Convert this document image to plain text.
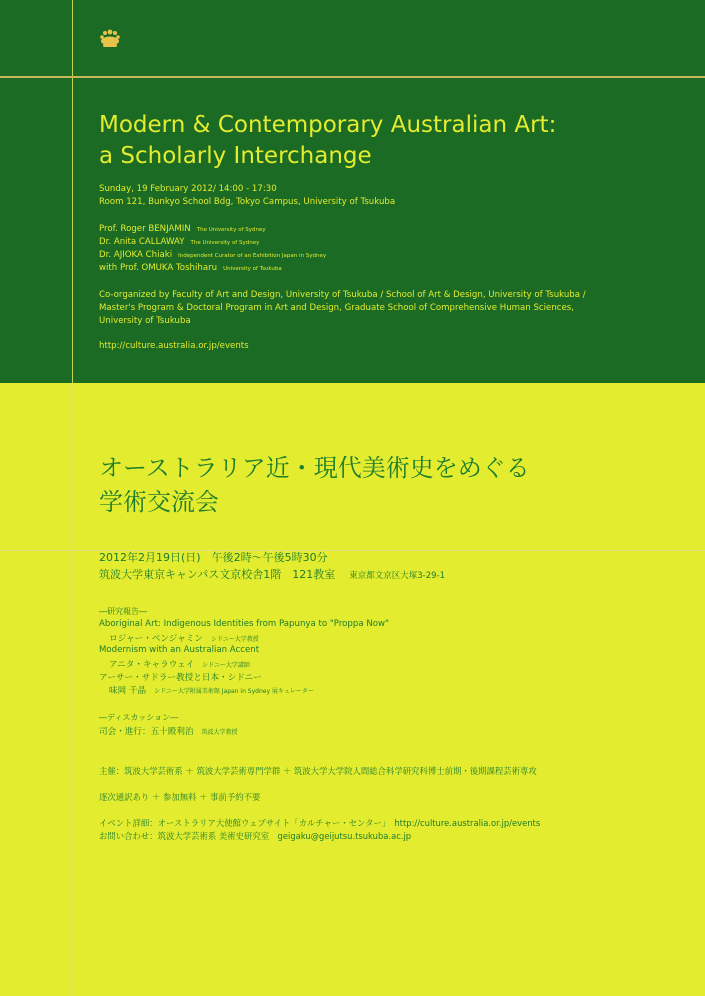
Modern & Contemporary Australian Art:
a Scholarly Interchange
Sunday, 19 February 2012/ 14:00 - 17:30
Room 121, Bunkyo School Bdg, Tokyo Campus, University of Tsukuba
Prof. Roger BENJAMIN The University of Sydney
Dr. Anita CALLAWAY The University of Sydney
Dr. AJIOKA Chiaki Independent Curator of an Exhibition Japan in Sydney
with Prof. OMUKA Toshiharu University of Tsukuba
Co-organized by Faculty of Art and Design, University of Tsukuba / School of Art & Design, University of Tsukuba /
Master's Program & Doctoral Program in Art and Design, Graduate School of Comprehensive Human Sciences,
University of Tsukuba
http://culture.australia.or.jp/events
オーストラリア近・現代美術史をめぐる
学術交流会
2012年2月19日(日)　午後2時～午後5時30分
筑波大学東京キャンパス文京校舎1階　121教室 東京都文京区大塚3-29-1
―研究報告―
Aboriginal Art: Indigenous Identities from Papunya to "Proppa Now"
ロジャー・ベンジャミン シドニー大学教授
Modernism with an Australian Accent
アニタ・キャラウェイ シドニー大学講師
アーサー・サドラー教授と日本・シドニー
味岡 千晶 シドニー大学附属美術館 Japan in Sydney 展キュレーター
―ディスカッション―
司会・進行：五十殿利治 筑波大学教授
主催：筑波大学芸術系 ＋ 筑波大学芸術専門学群 ＋ 筑波大学大学院人間総合科学研究科博士前期・後期課程芸術専攻
逐次通訳あり ＋ 参加無料 ＋ 事前予約不要
イベント詳細：オーストラリア大使館ウェブサイト「カルチャー・センター」　http://culture.australia.or.jp/events
お問い合わせ：筑波大学芸術系 美術史研究室　geigaku@geijutsu.tsukuba.ac.jp
